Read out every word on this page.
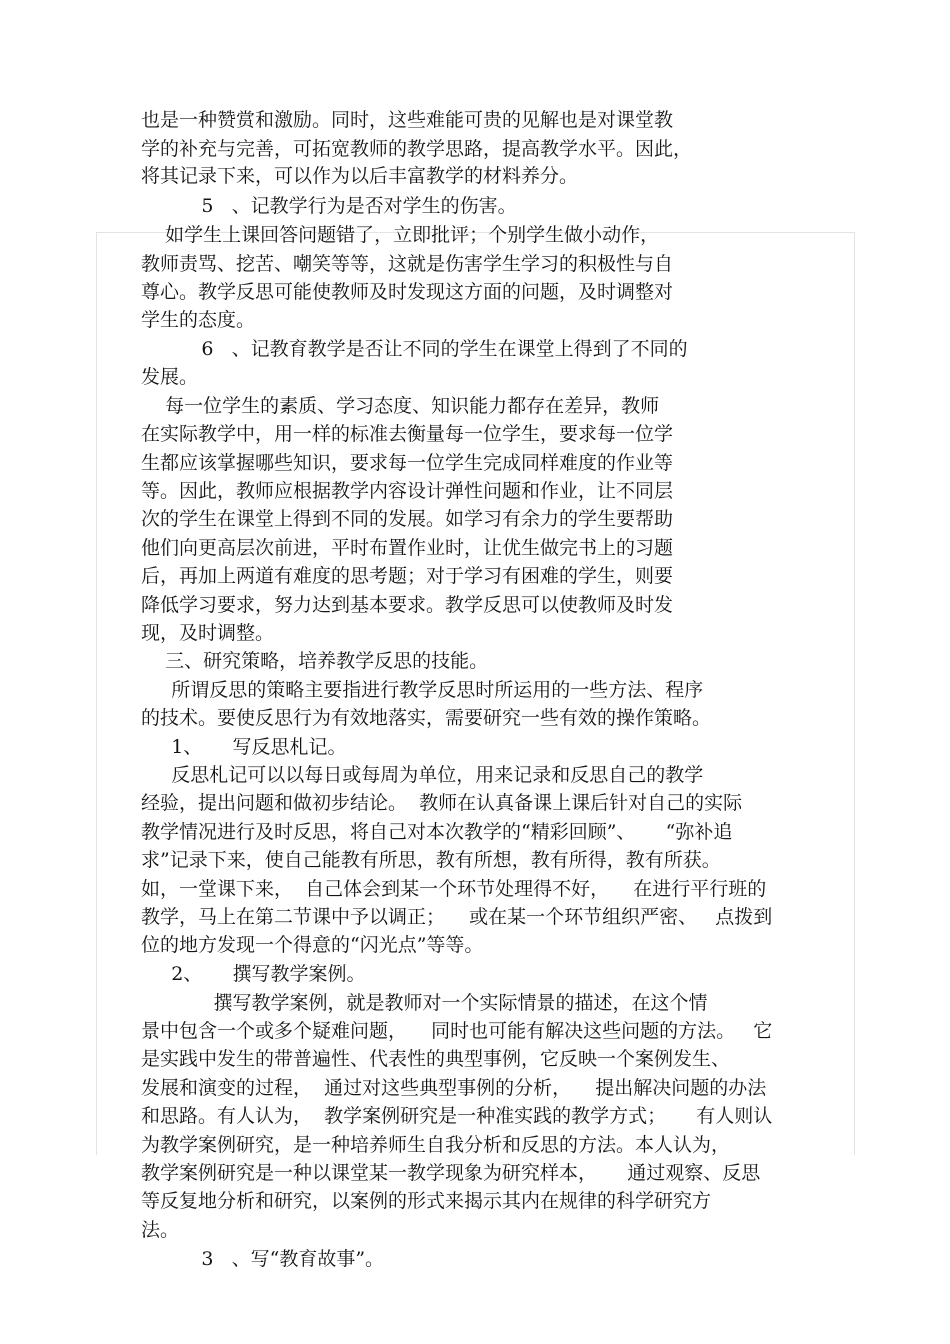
也是一种赞赏和激励。同时，这些难能可贵的见解也是对课堂教

学的补充与完善，可拓宽教师的教学思路，提高教学水平。因此，

将其记录下来，可以作为以后丰富教学的材料养分。

5   、记教学行为是否对学生的伤害。

如学生上课回答问题错了，立即批评；个别学生做小动作，

教师责骂、挖苦、嘲笑等等，这就是伤害学生学习的积极性与自

尊心。教学反思可能使教师及时发现这方面的问题，及时调整对

学生的态度。

6   、记教育教学是否让不同的学生在课堂上得到了不同的

发展。

每一位学生的素质、学习态度、知识能力都存在差异，教师

在实际教学中，用一样的标准去衡量每一位学生，要求每一位学

生都应该掌握哪些知识，要求每一位学生完成同样难度的作业等

等。因此，教师应根据教学内容设计弹性问题和作业，让不同层

次的学生在课堂上得到不同的发展。如学习有余力的学生要帮助

他们向更高层次前进，平时布置作业时，让优生做完书上的习题

后，再加上两道有难度的思考题；对于学习有困难的学生，则要

降低学习要求，努力达到基本要求。教学反思可以使教师及时发

现，及时调整。

三、研究策略，培养教学反思的技能。

所谓反思的策略主要指进行教学反思时所运用的一些方法、程序

的技术。要使反思行为有效地落实，需要研究一些有效的操作策略。

1、     写反思札记。

反思札记可以以每日或每周为单位，用来记录和反思自己的教学

经验，提出问题和做初步结论。  教师在认真备课上课后针对自己的实际

教学情况进行及时反思，将自己对本次教学的“精彩回顾”、     “弥补追

求”记录下来，使自己能教有所思，教有所想，教有所得，教有所获。

如，一堂课下来，  自己体会到某一个环节处理得不好，    在进行平行班的

教学，马上在第二节课中予以调正；    或在某一个环节组织严密、   点拨到

位的地方发现一个得意的“闪光点”等等。

2、     撰写教学案例。

撰写教学案例，就是教师对一个实际情景的描述，在这个情

景中包含一个或多个疑难问题，    同时也可能有解决这些问题的方法。   它

是实践中发生的带普遍性、代表性的典型事例，它反映一个案例发生、

发展和演变的过程，  通过对这些典型事例的分析，    提出解决问题的办法

和思路。有人认为，  教学案例研究是一种准实践的教学方式；     有人则认

为教学案例研究，是一种培养师生自我分析和反思的方法。本人认为，

教学案例研究是一种以课堂某一教学现象为研究样本，     通过观察、反思

等反复地分析和研究，以案例的形式来揭示其内在规律的科学研究方

法。

3   、写“教育故事”。
